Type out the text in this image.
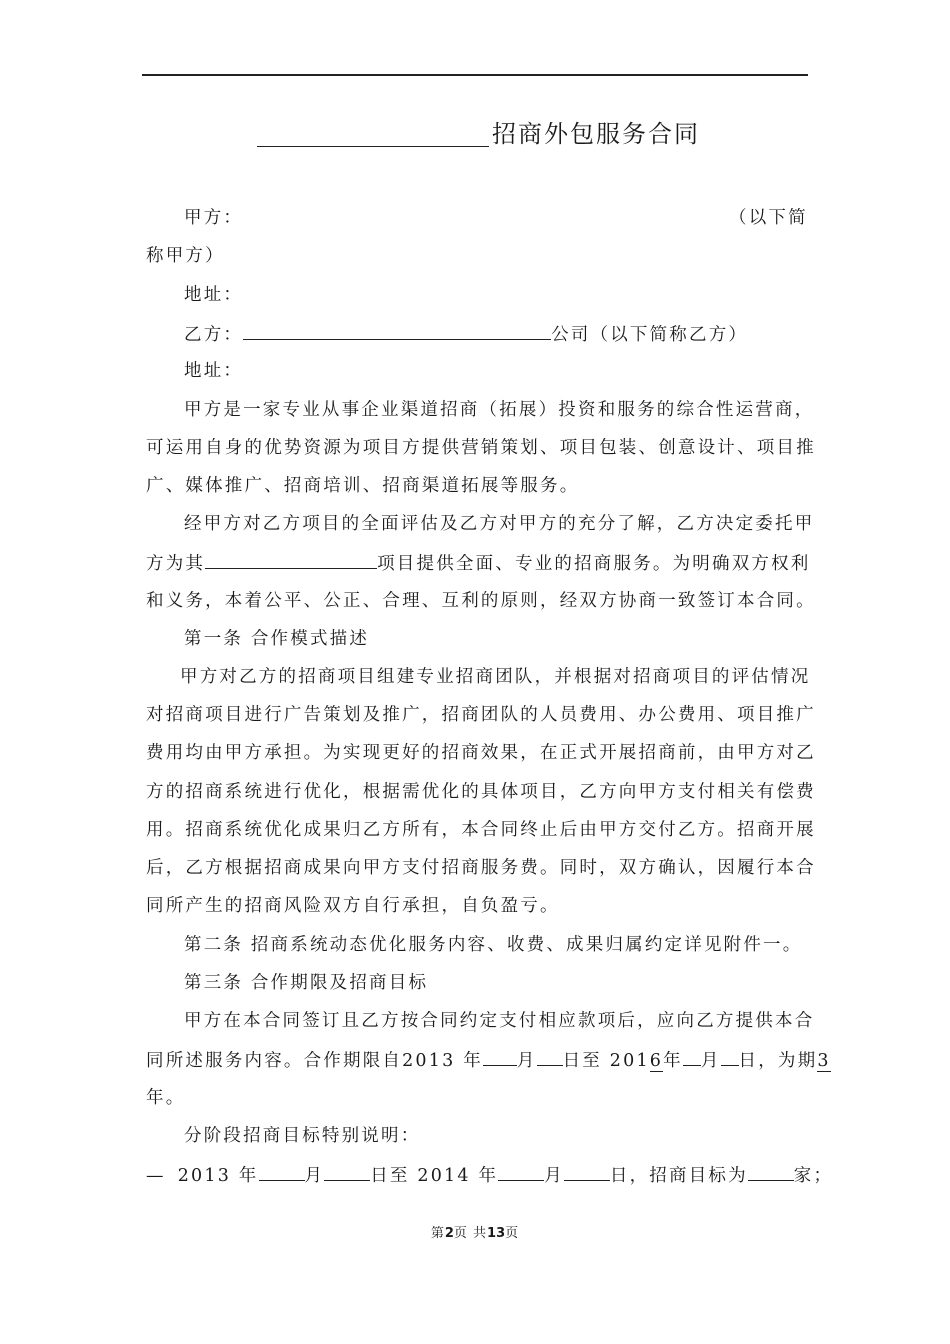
招商外包服务合同
甲方：	（以下简
称甲方）
地址：
乙方：	公司（以下简称乙方）
地址：
甲方是一家专业从事企业渠道招商（拓展）投资和服务的综合性运营商，
可运用自身的优势资源为项目方提供营销策划、项目包装、创意设计、项目推
广、媒体推广、招商培训、招商渠道拓展等服务。
经甲方对乙方项目的全面评估及乙方对甲方的充分了解，乙方决定委托甲
方为其	项目提供全面、专业的招商服务。为明确双方权利
和义务，本着公平、公正、合理、互利的原则，经双方协商一致签订本合同。
第一条 合作模式描述
甲方对乙方的招商项目组建专业招商团队，并根据对招商项目的评估情况
对招商项目进行广告策划及推广，招商团队的人员费用、办公费用、项目推广
费用均由甲方承担。为实现更好的招商效果，在正式开展招商前，由甲方对乙
方的招商系统进行优化，根据需优化的具体项目，乙方向甲方支付相关有偿费
用。招商系统优化成果归乙方所有，本合同终止后由甲方交付乙方。招商开展
后，乙方根据招商成果向甲方支付招商服务费。同时，双方确认，因履行本合
同所产生的招商风险双方自行承担，自负盈亏。
第二条 招商系统动态优化服务内容、收费、成果归属约定详见附件一。
第三条 合作期限及招商目标
甲方在本合同签订且乙方按合同约定支付相应款项后，应向乙方提供本合
同所述服务内容。合作期限自2013 年 月 日至 2016年 月 日，为期3
年。
分阶段招商目标特别说明：
— 2013 年	月	日至 2014 年	月	日，招商目标为	家；
第2页 共13页
